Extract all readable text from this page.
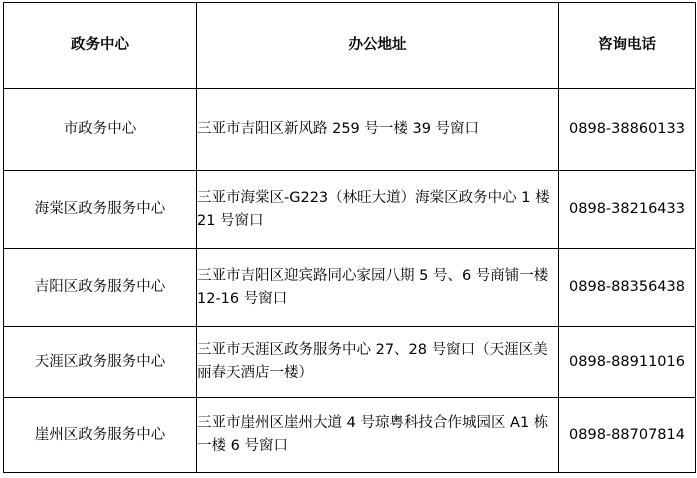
政务中心	办公地址	咨询电话
市政务中心	三亚市吉阳区新风路 259 号一楼 39 号窗口	0898-38860133
海棠区政务服务中心	三亚市海棠区-G223（林旺大道）海棠区政务中心 1 楼 21 号窗口	0898-38216433
吉阳区政务服务中心	三亚市吉阳区迎宾路同心家园八期 5 号、6 号商铺一楼 12-16 号窗口	0898-88356438
天涯区政务服务中心	三亚市天涯区政务服务中心 27、28 号窗口（天涯区美丽春天酒店一楼）	0898-88911016
崖州区政务服务中心	三亚市崖州区崖州大道 4 号琼粤科技合作城园区 A1 栋一楼 6 号窗口	0898-88707814
